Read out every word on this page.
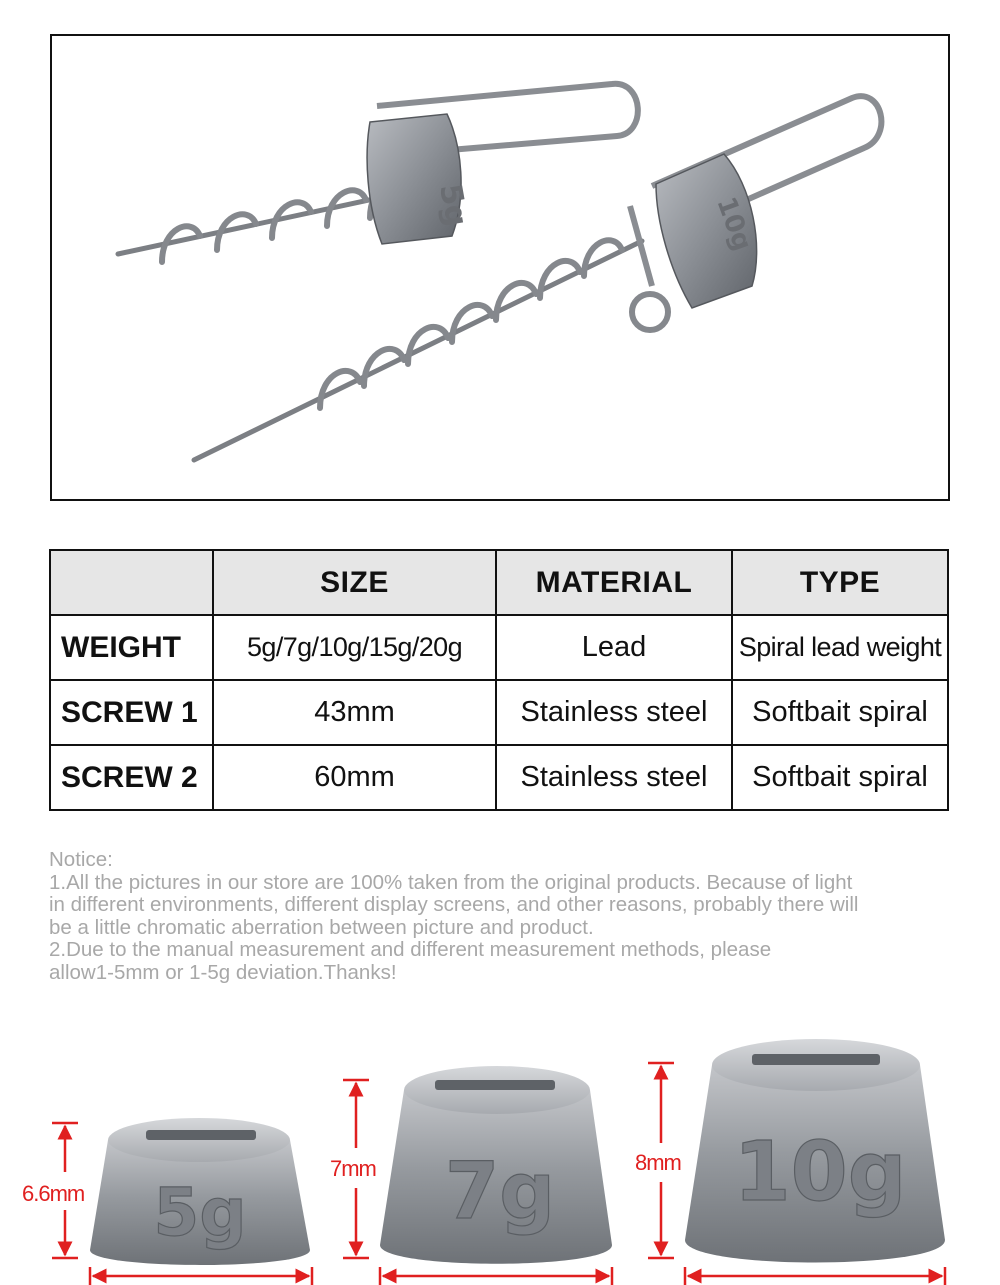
5g	10g
	SIZE	MATERIAL	TYPE
WEIGHT	5g/7g/10g/15g/20g	Lead	Spiral lead weight
SCREW 1	43mm	Stainless steel	Softbait spiral
SCREW 2	60mm	Stainless steel	Softbait spiral
Notice:
1.All the pictures in our store are 100% taken from the original products. Because of light
in different environments, different display screens, and other reasons, probably there will
be a little chromatic aberration between picture and product.
2.Due to the manual measurement and different measurement methods, please
allow1-5mm or 1-5g deviation.Thanks!
5g	7g 10g
6.6mm
7mm	8mm
